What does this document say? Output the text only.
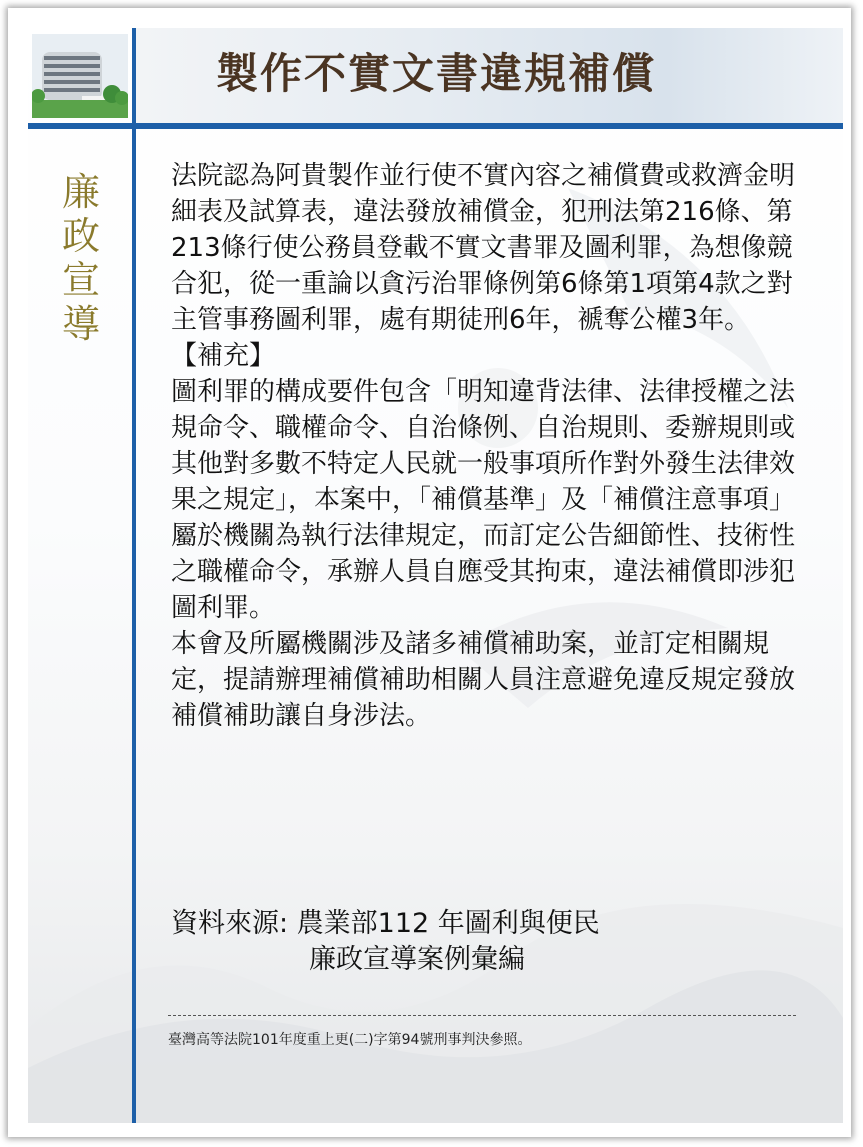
製作不實文書違規補償
廉
政
宣
導

法院認為阿貴製作並行使不實內容之補償費或救濟金明細表及試算表，違法發放補償金，犯刑法第216條、第213條行使公務員登載不實文書罪及圖利罪，為想像競合犯，從一重論以貪污治罪條例第6條第1項第4款之對主管事務圖利罪，處有期徒刑6年，褫奪公權3年。

【補充】

圖利罪的構成要件包含「明知違背法律、法律授權之法規命令、職權命令、自治條例、自治規則、委辦規則或其他對多數不特定人民就一般事項所作對外發生法律效果之規定」，本案中，「補償基準」及「補償注意事項」屬於機關為執行法律規定，而訂定公告細節性、技術性之職權命令，承辦人員自應受其拘束，違法補償即涉犯圖利罪。

本會及所屬機關涉及諸多補償補助案，並訂定相關規定，提請辦理補償補助相關人員注意避免違反規定發放補償補助讓自身涉法。

資料來源: 農業部112 年圖利與便民
廉政宣導案例彙編
臺灣高等法院101年度重上更(二)字第94號刑事判決參照。
